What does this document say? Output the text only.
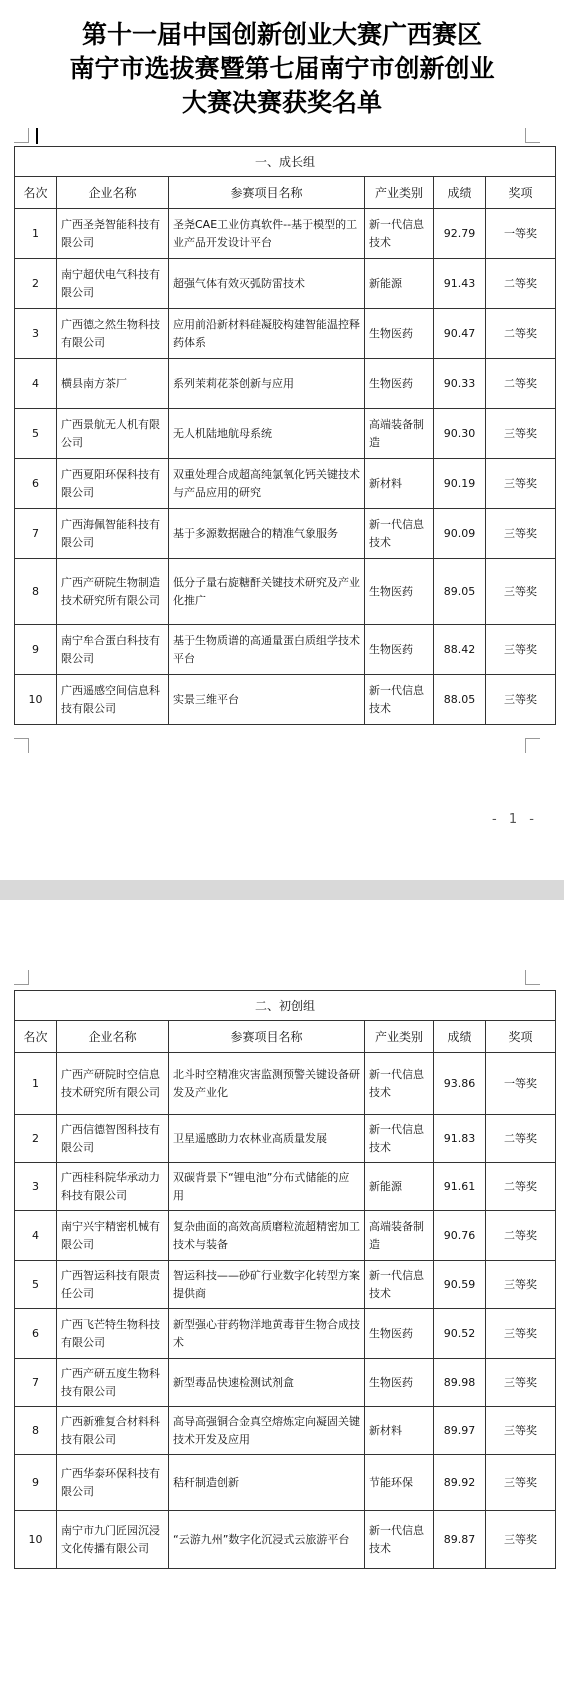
第十一届中国创新创业大赛广西赛区
南宁市选拔赛暨第七届南宁市创新创业
大赛决赛获奖名单
一、成长组					
名次	企业名称	参赛项目名称	产业类别	成绩	奖项
1	广西圣尧智能科技有限公司	圣尧CAE工业仿真软件--基于模型的工业产品开发设计平台	新一代信息技术	92.79	一等奖
2	南宁超伏电气科技有限公司	超强气体有效灭弧防雷技术	新能源	91.43	二等奖
3	广西德之然生物科技有限公司	应用前沿新材料硅凝胶构建智能温控释药体系	生物医药	90.47	二等奖
4	横县南方茶厂	系列茉莉花茶创新与应用	生物医药	90.33	二等奖
5	广西景航无人机有限公司	无人机陆地航母系统	高端装备制造	90.30	三等奖
6	广西夏阳环保科技有限公司	双重处理合成超高纯氯氧化钙关键技术与产品应用的研究	新材料	90.19	三等奖
7	广西海佩智能科技有限公司	基于多源数据融合的精准气象服务	新一代信息技术	90.09	三等奖
8	广西产研院生物制造技术研究所有限公司	低分子量右旋糖酐关键技术研究及产业化推广	生物医药	89.05	三等奖
9	南宁牟合蛋白科技有限公司	基于生物质谱的高通量蛋白质组学技术平台	生物医药	88.42	三等奖
10	广西遥感空间信息科技有限公司	实景三维平台	新一代信息技术	88.05	三等奖
- 1 -
二、初创组					
名次	企业名称	参赛项目名称	产业类别	成绩	奖项
1	广西产研院时空信息技术研究所有限公司	北斗时空精准灾害监测预警关键设备研发及产业化	新一代信息技术	93.86	一等奖
2	广西信德智图科技有限公司	卫星遥感助力农林业高质量发展	新一代信息技术	91.83	二等奖
3	广西桂科院华承动力科技有限公司	双碳背景下“锂电池”分布式储能的应用	新能源	91.61	二等奖
4	南宁兴宇精密机械有限公司	复杂曲面的高效高质磨粒流超精密加工技术与装备	高端装备制造	90.76	二等奖
5	广西智运科技有限责任公司	智运科技——砂矿行业数字化转型方案提供商	新一代信息技术	90.59	三等奖
6	广西飞芒特生物科技有限公司	新型强心苷药物洋地黄毒苷生物合成技术	生物医药	90.52	三等奖
7	广西产研五度生物科技有限公司	新型毒品快速检测试剂盒	生物医药	89.98	三等奖
8	广西新雅复合材料科技有限公司	高导高强铜合金真空熔炼定向凝固关键技术开发及应用	新材料	89.97	三等奖
9	广西华泰环保科技有限公司	秸秆制造创新	节能环保	89.92	三等奖
10	南宁市九门匠园沉浸文化传播有限公司	“云游九州”数字化沉浸式云旅游平台	新一代信息技术	89.87	三等奖
